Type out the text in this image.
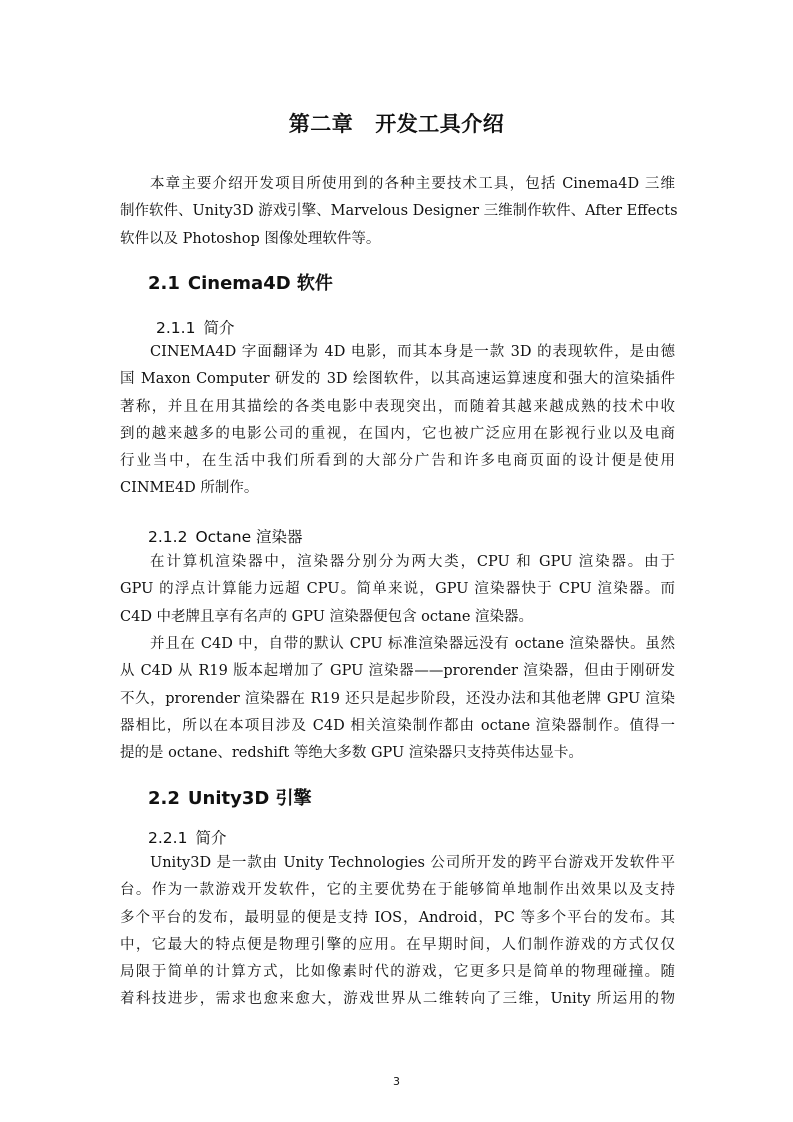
第二章 开发工具介绍

本章主要介绍开发项目所使用到的各种主要技术工具，包括 Cinema4D 三维
制作软件、Unity3D 游戏引擎、Marvelous Designer 三维制作软件、After Effects
软件以及 Photoshop 图像处理软件等。

2.1 Cinema4D 软件
2.1.1 简介

CINEMA4D 字面翻译为 4D 电影，而其本身是一款 3D 的表现软件，是由德
国 Maxon Computer 研发的 3D 绘图软件，以其高速运算速度和强大的渲染插件
著称，并且在用其描绘的各类电影中表现突出，而随着其越来越成熟的技术中收
到的越来越多的电影公司的重视，在国内，它也被广泛应用在影视行业以及电商
行业当中，在生活中我们所看到的大部分广告和许多电商页面的设计便是使用
CINME4D 所制作。

2.1.2 Octane 渲染器

在计算机渲染器中，渲染器分别分为两大类，CPU 和 GPU 渲染器。由于
GPU 的浮点计算能力远超 CPU。简单来说，GPU 渲染器快于 CPU 渲染器。而
C4D 中老牌且享有名声的 GPU 渲染器便包含 octane 渲染器。

并且在 C4D 中，自带的默认 CPU 标准渲染器远没有 octane 渲染器快。虽然
从 C4D 从 R19 版本起增加了 GPU 渲染器——prorender 渲染器，但由于刚研发
不久，prorender 渲染器在 R19 还只是起步阶段，还没办法和其他老牌 GPU 渲染
器相比，所以在本项目涉及 C4D 相关渲染制作都由 octane 渲染器制作。值得一
提的是 octane、redshift 等绝大多数 GPU 渲染器只支持英伟达显卡。

2.2 Unity3D 引擎
2.2.1 简介

Unity3D 是一款由 Unity Technologies 公司所开发的跨平台游戏开发软件平
台。作为一款游戏开发软件，它的主要优势在于能够简单地制作出效果以及支持
多个平台的发布，最明显的便是支持 IOS，Android，PC 等多个平台的发布。其
中，它最大的特点便是物理引擎的应用。在早期时间，人们制作游戏的方式仅仅
局限于简单的计算方式，比如像素时代的游戏，它更多只是简单的物理碰撞。随
着科技进步，需求也愈来愈大，游戏世界从二维转向了三维，Unity 所运用的物

3
